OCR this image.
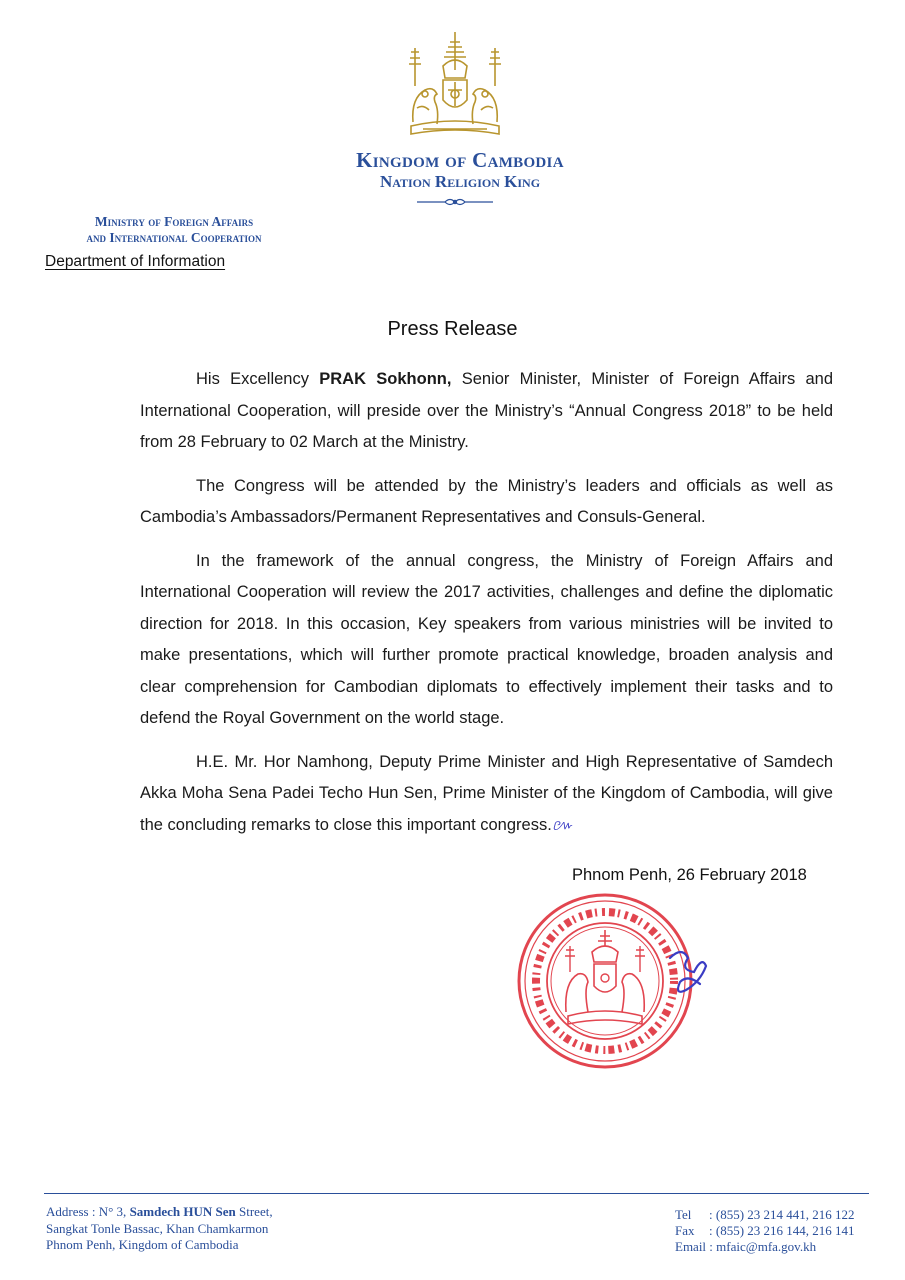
Kingdom of Cambodia
Nation Religion King
Ministry of Foreign Affairs
and International Cooperation
Department of Information
Press Release

His Excellency PRAK Sokhonn, Senior Minister, Minister of Foreign Affairs and International Cooperation, will preside over the Ministry’s “Annual Congress 2018” to be held from 28 February to 02 March at the Ministry.

The Congress will be attended by the Ministry’s leaders and officials as well as Cambodia’s Ambassadors/Permanent Representatives and Consuls-General.

In the framework of the annual congress, the Ministry of Foreign Affairs and International Cooperation will review the 2017 activities, challenges and define the diplomatic direction for 2018. In this occasion, Key speakers from various ministries will be invited to make presentations, which will further promote practical knowledge, broaden analysis and clear comprehension for Cambodian diplomats to effectively implement their tasks and to defend the Royal Government on the world stage.

H.E. Mr. Hor Namhong, Deputy Prime Minister and High Representative of Samdech Akka Moha Sena Padei Techo Hun Sen, Prime Minister of the Kingdom of Cambodia, will give the concluding remarks to close this important congress.៚

Phnom Penh, 26 February 2018
Address : N° 3, Samdech HUN Sen Street,
Sangkat Tonle Bassac, Khan Chamkarmon
Phnom Penh, Kingdom of Cambodia
Tel : (855) 23 214 441, 216 122
Fax : (855) 23 216 144, 216 141
Email : mfaic@mfa.gov.kh
